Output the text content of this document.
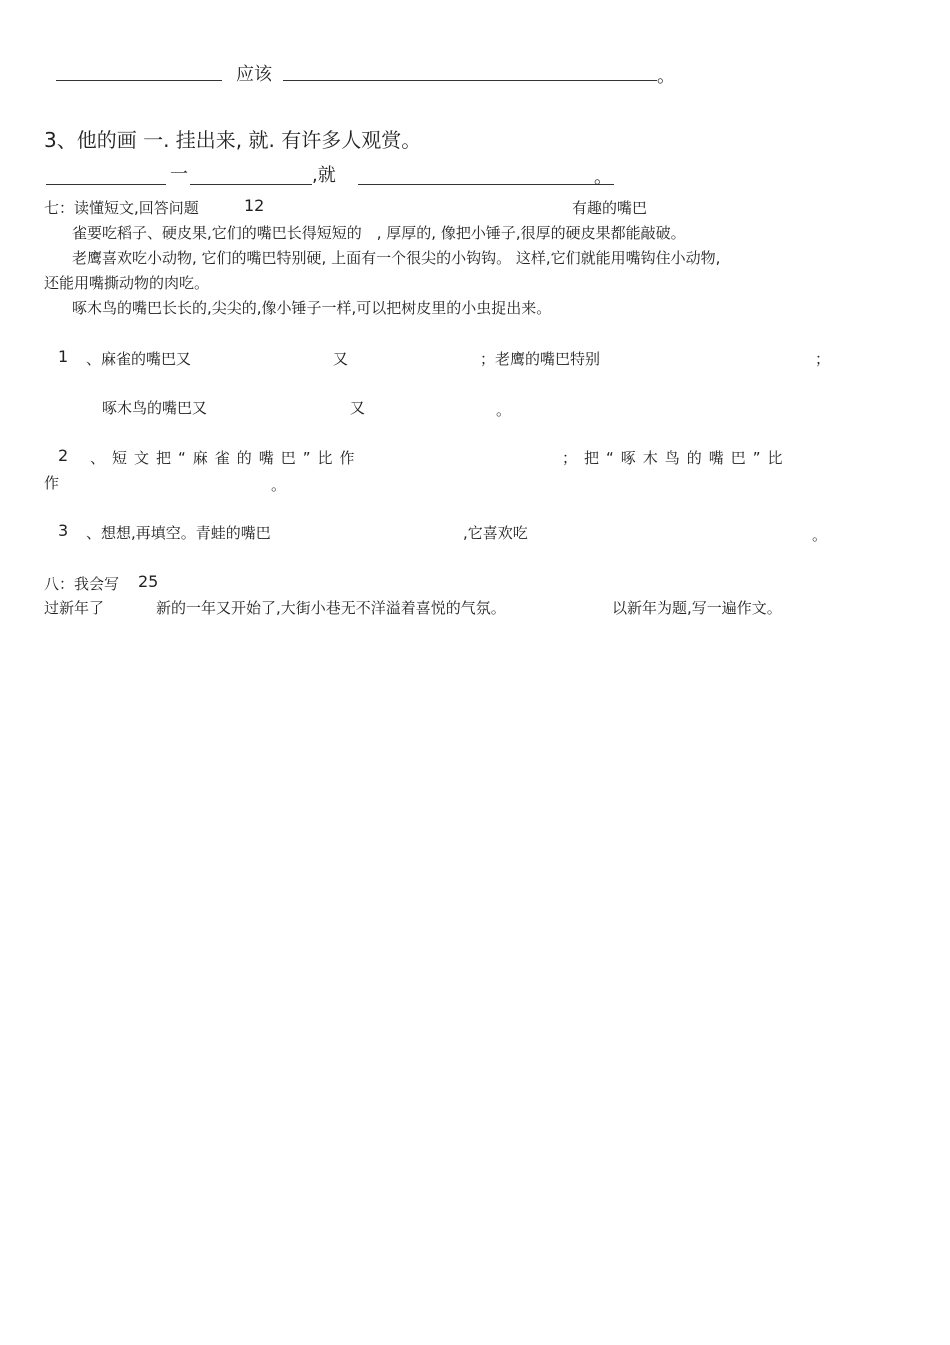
应该	。
3、他的画 一. 挂出来, 就. 有许多人观赏。
一	,就	。
七：读懂短文,回答问题	12	有趣的嘴巴
雀要吃稻子、硬皮果,它们的嘴巴长得短短的　, 厚厚的, 像把小锤子,很厚的硬皮果都能敲破。
老鹰喜欢吃小动物, 它们的嘴巴特别硬, 上面有一个很尖的小钩钩。 这样,它们就能用嘴钩住小动物,
还能用嘴撕动物的肉吃。
啄木鸟的嘴巴长长的,尖尖的,像小锤子一样,可以把树皮里的小虫捉出来。
1 、麻雀的嘴巴又	又	；老鹰的嘴巴特别	；
啄木鸟的嘴巴又	又	。
2 、短文把“麻雀的嘴巴”比作	；把“啄木鸟的嘴巴”比
作	。
3 、想想,再填空。青蛙的嘴巴	,它喜欢吃	。
八：我会写 25
过新年了	新的一年又开始了,大街小巷无不洋溢着喜悦的气氛。	以新年为题,写一遍作文。
